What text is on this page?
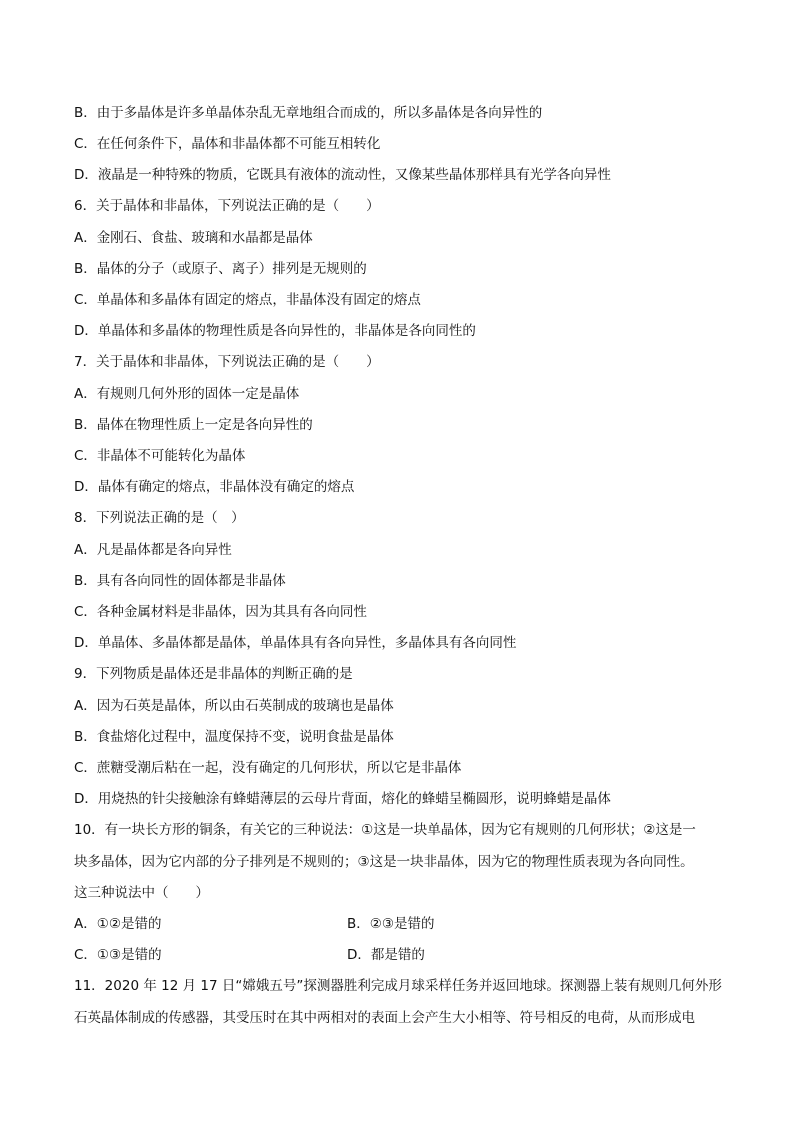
B．由于多晶体是许多单晶体杂乱无章地组合而成的，所以多晶体是各向异性的
C．在任何条件下，晶体和非晶体都不可能互相转化
D．液晶是一种特殊的物质，它既具有液体的流动性，又像某些晶体那样具有光学各向异性
6．关于晶体和非晶体，下列说法正确的是（　　）
A．金刚石、食盐、玻璃和水晶都是晶体
B．晶体的分子（或原子、离子）排列是无规则的
C．单晶体和多晶体有固定的熔点，非晶体没有固定的熔点
D．单晶体和多晶体的物理性质是各向异性的，非晶体是各向同性的
7．关于晶体和非晶体，下列说法正确的是（　　）
A．有规则几何外形的固体一定是晶体
B．晶体在物理性质上一定是各向异性的
C．非晶体不可能转化为晶体
D．晶体有确定的熔点，非晶体没有确定的熔点
8．下列说法正确的是（　）
A．凡是晶体都是各向异性
B．具有各向同性的固体都是非晶体
C．各种金属材料是非晶体，因为其具有各向同性
D．单晶体、多晶体都是晶体，单晶体具有各向异性，多晶体具有各向同性
9．下列物质是晶体还是非晶体的判断正确的是
A．因为石英是晶体，所以由石英制成的玻璃也是晶体
B．食盐熔化过程中，温度保持不变，说明食盐是晶体
C．蔗糖受潮后粘在一起，没有确定的几何形状，所以它是非晶体
D．用烧热的针尖接触涂有蜂蜡薄层的云母片背面，熔化的蜂蜡呈椭圆形，说明蜂蜡是晶体
10．有一块长方形的铜条，有关它的三种说法：①这是一块单晶体，因为它有规则的几何形状；②这是一
块多晶体，因为它内部的分子排列是不规则的；③这是一块非晶体，因为它的物理性质表现为各向同性。
这三种说法中（　　）
A．①②是错的	B．②③是错的
C．①③是错的	D．都是错的
11．2020 年 12 月 17 日“嫦娥五号”探测器胜利完成月球采样任务并返回地球。探测器上装有规则几何外形
石英晶体制成的传感器，其受压时在其中两相对的表面上会产生大小相等、符号相反的电荷，从而形成电
